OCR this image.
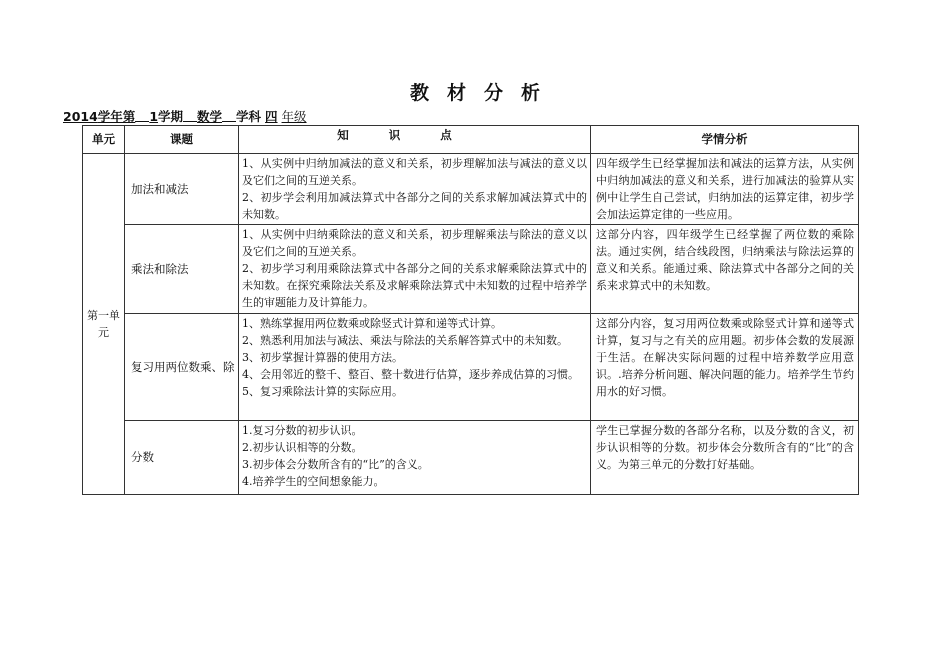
教材分析
2014学年第 1学期 数学 学科 四 年级
单元	课题	知识点	学情分析
第一单元	加法和减法	1、从实例中归纳加减法的意义和关系，初步理解加法与减法的意义以及它们之间的互逆关系。
2、初步学会利用加减法算式中各部分之间的关系求解加减法算式中的未知数。	四年级学生已经掌握加法和减法的运算方法，从实例中归纳加减法的意义和关系，进行加减法的验算从实例中让学生自己尝试，归纳加法的运算定律，初步学会加法运算定律的一些应用。
	乘法和除法	1、从实例中归纳乘除法的意义和关系，初步理解乘法与除法的意义以及它们之间的互逆关系。
2、初步学习利用乘除法算式中各部分之间的关系求解乘除法算式中的未知数。在探究乘除法关系及求解乘除法算式中未知数的过程中培养学生的审题能力及计算能力。	这部分内容，四年级学生已经掌握了两位数的乘除法。通过实例，结合线段图，归纳乘法与除法运算的意义和关系。能通过乘、除法算式中各部分之间的关系来求算式中的未知数。
	复习用两位数乘、除	1、熟练掌握用两位数乘或除竖式计算和递等式计算。
2、熟悉利用加法与减法、乘法与除法的关系解答算式中的未知数。
3、初步掌握计算器的使用方法。
4、会用邻近的整千、整百、整十数进行估算，逐步养成估算的习惯。
5、复习乘除法计算的实际应用。	这部分内容，复习用两位数乘或除竖式计算和递等式计算，复习与之有关的应用题。初步体会数的发展源于生活。在解决实际问题的过程中培养数学应用意识。.培养分析问题、解决问题的能力。培养学生节约用水的好习惯。
	分数	1.复习分数的初步认识。
2.初步认识相等的分数。
3.初步体会分数所含有的“比”的含义。
4.培养学生的空间想象能力。	学生已掌握分数的各部分名称，以及分数的含义，初步认识相等的分数。初步体会分数所含有的“比”的含义。为第三单元的分数打好基础。
